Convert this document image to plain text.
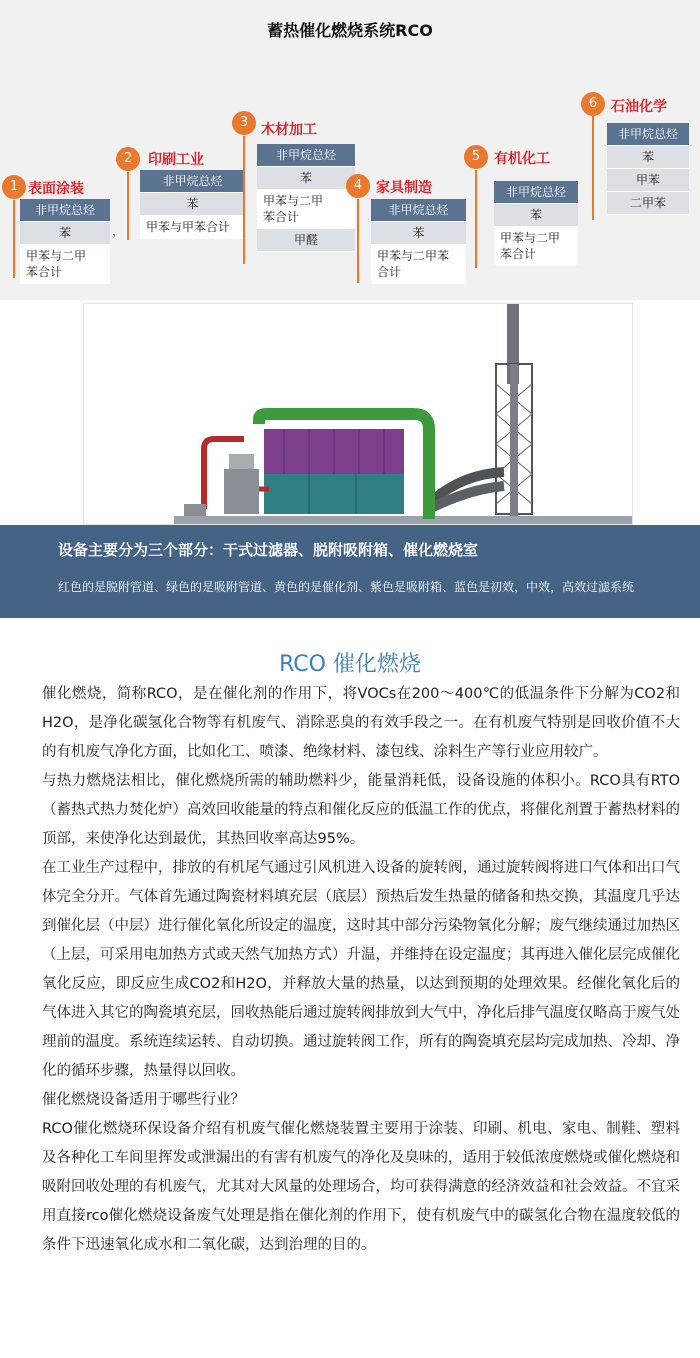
蓄热催化燃烧系统RCO
1 表面涂装
非甲烷总烃
苯
甲苯与二甲
苯合计
，
2	印刷工业
非甲烷总烃
苯
甲苯与甲苯合计
3 木材加工
非甲烷总烃
苯
甲苯与二甲
苯合计
甲醛
4 家具制造
非甲烷总烃
苯
甲苯与二甲苯
合计
5 有机化工
非甲烷总烃
苯
甲苯与二甲
苯合计
6 石油化学
非甲烷总烃
苯
甲苯
二甲苯
设备主要分为三个部分：干式过滤器、脱附吸附箱、催化燃烧室
红色的是脱附管道、绿色的是吸附管道、黄色的是催化剂、紫色是吸附箱、蓝色是初效，中效，高效过滤系统
RCO 催化燃烧

催化燃烧，简称RCO，是在催化剂的作用下，将VOCs在200～400℃的低温条件下分解为CO2和H2O，是净化碳氢化合物等有机废气、消除恶臭的有效手段之一。在有机废气特别是回收价值不大的有机废气净化方面，比如化工、喷漆、绝缘材料、漆包线、涂料生产等行业应用较广。

与热力燃烧法相比，催化燃烧所需的辅助燃料少，能量消耗低，设备设施的体积小。RCO具有RTO（蓄热式热力焚化炉）高效回收能量的特点和催化反应的低温工作的优点，将催化剂置于蓄热材料的顶部，来使净化达到最优，其热回收率高达95%。

在工业生产过程中，排放的有机尾气通过引风机进入设备的旋转阀，通过旋转阀将进口气体和出口气体完全分开。气体首先通过陶瓷材料填充层（底层）预热后发生热量的储备和热交换，其温度几乎达到催化层（中层）进行催化氧化所设定的温度，这时其中部分污染物氧化分解；废气继续通过加热区（上层，可采用电加热方式或天然气加热方式）升温，并维持在设定温度；其再进入催化层完成催化氧化反应，即反应生成CO2和H2O，并释放大量的热量，以达到预期的处理效果。经催化氧化后的气体进入其它的陶瓷填充层，回收热能后通过旋转阀排放到大气中，净化后排气温度仅略高于废气处理前的温度。系统连续运转、自动切换。通过旋转阀工作，所有的陶瓷填充层均完成加热、冷却、净化的循环步骤，热量得以回收。

催化燃烧设备适用于哪些行业？

RCO催化燃烧环保设备介绍有机废气催化燃烧装置主要用于涂装、印刷、机电、家电、制鞋、塑料及各种化工车间里挥发或泄漏出的有害有机废气的净化及臭味的，适用于较低浓度燃烧或催化燃烧和吸附回收处理的有机废气，尤其对大风量的处理场合，均可获得满意的经济效益和社会效益。不宜采用直接rco催化燃烧设备废气处理是指在催化剂的作用下，使有机废气中的碳氢化合物在温度较低的条件下迅速氧化成水和二氧化碳，达到治理的目的。
